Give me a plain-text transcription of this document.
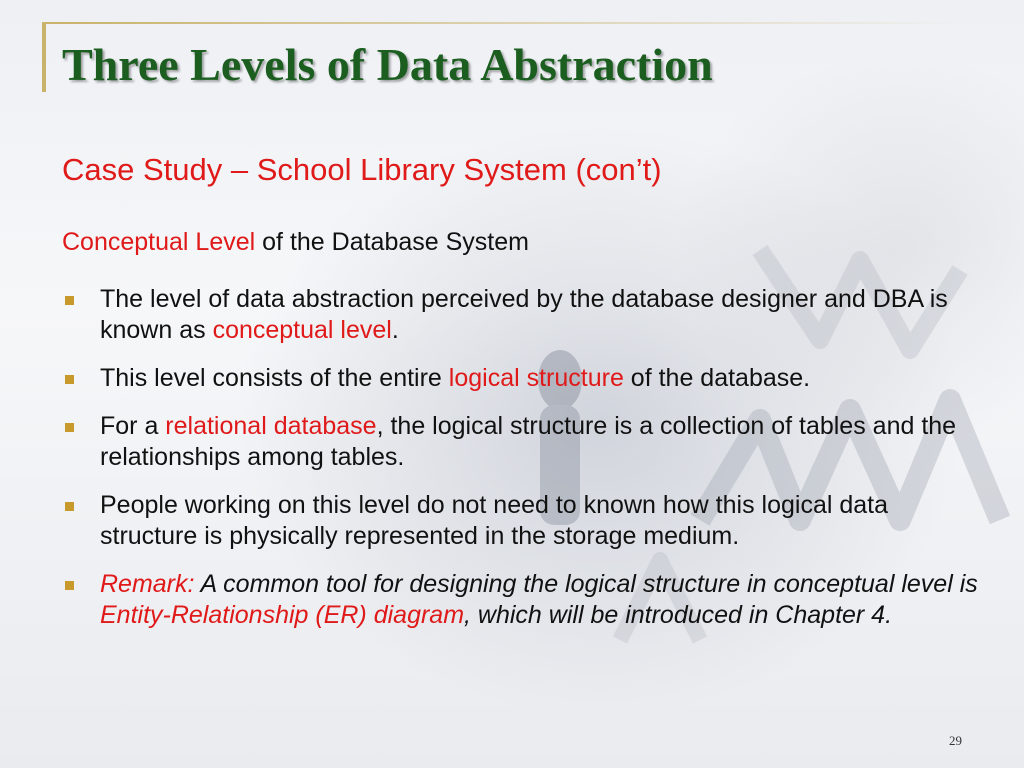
Three Levels of Data Abstraction
Case Study – School Library System (con’t)

Conceptual Level of the Database System

The level of data abstraction perceived by the database designer and DBA is known as conceptual level.
This level consists of the entire logical structure of the database.
For a relational database, the logical structure is a collection of tables and the relationships among tables.
People working on this level do not need to known how this logical data structure is physically represented in the storage medium.
Remark: A common tool for designing the logical structure in conceptual level is Entity-Relationship (ER) diagram, which will be introduced in Chapter 4.
29
